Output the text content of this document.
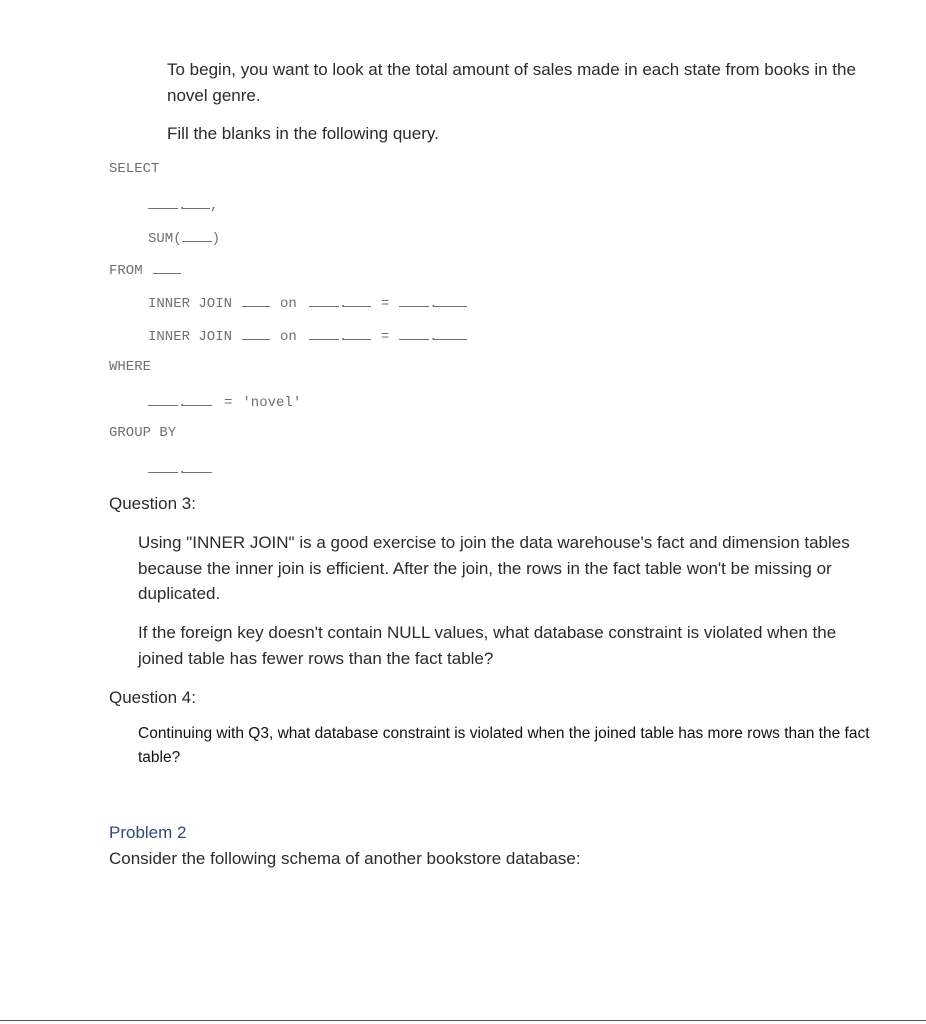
To begin, you want to look at the total amount of sales made in each state from books in the novel genre.
Fill the blanks in the following query.
SELECT
. ,
SUM( )
FROM
INNER JOIN	on	. =	.
INNER JOIN	on	. =	.
WHERE
.	= 'novel'
GROUP BY
.
Question 3:
Using "INNER JOIN" is a good exercise to join the data warehouse's fact and dimension tables because the inner join is efficient. After the join, the rows in the fact table won't be missing or duplicated.
If the foreign key doesn't contain NULL values, what database constraint is violated when the joined table has fewer rows than the fact table?
Question 4:
Continuing with Q3, what database constraint is violated when the joined table has more rows than the fact table?
Problem 2
Consider the following schema of another bookstore database:
